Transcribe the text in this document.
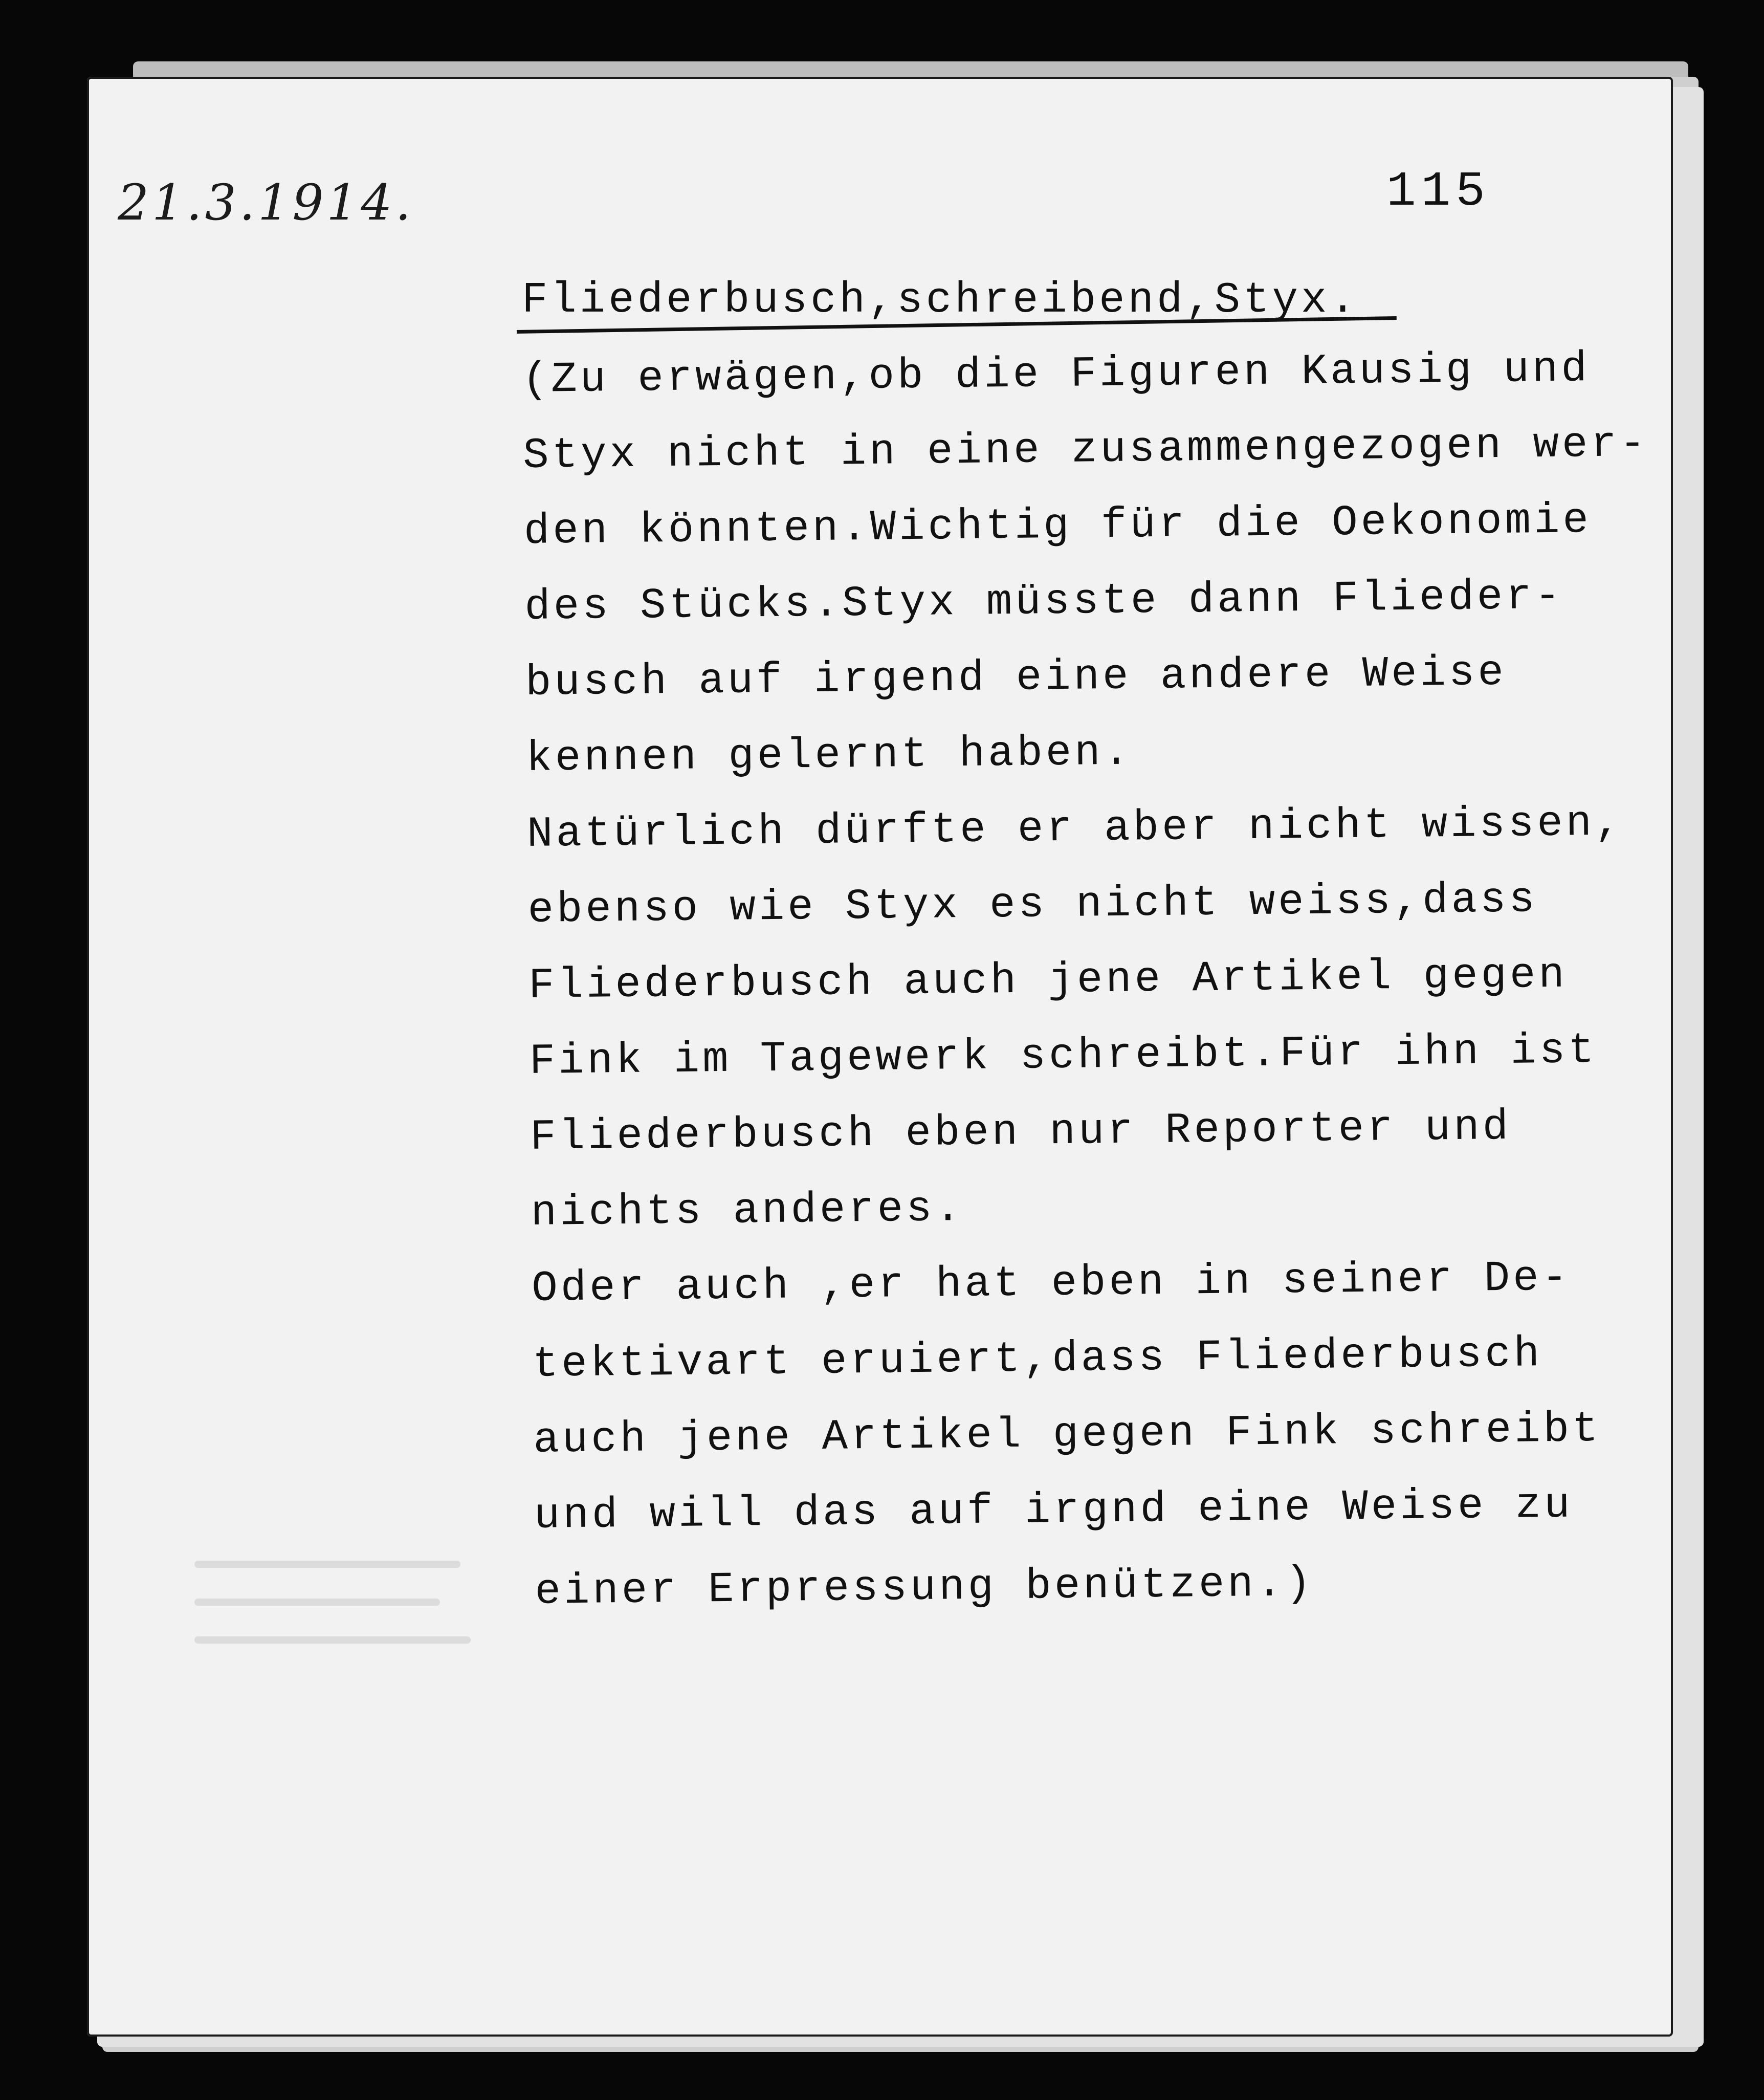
21.3.1914.	115
Fliederbusch,schreibend,Styx.
(Zu erwägen,ob die Figuren Kausig und
Styx nicht in eine zusammengezogen wer-
den könnten.Wichtig für die Oekonomie
des Stücks.Styx müsste dann Flieder-
busch auf irgend eine andere Weise
kennen gelernt haben.
Natürlich dürfte er aber nicht wissen,
ebenso wie Styx es nicht weiss,dass
Fliederbusch auch jene Artikel gegen
Fink im Tagewerk schreibt.Für ihn ist
Fliederbusch eben nur Reporter und
nichts anderes.
Oder auch ,er hat eben in seiner De-
tektivart eruiert,dass Fliederbusch
auch jene Artikel gegen Fink schreibt
und will das auf irgnd eine Weise zu
einer Erpressung benützen.)
